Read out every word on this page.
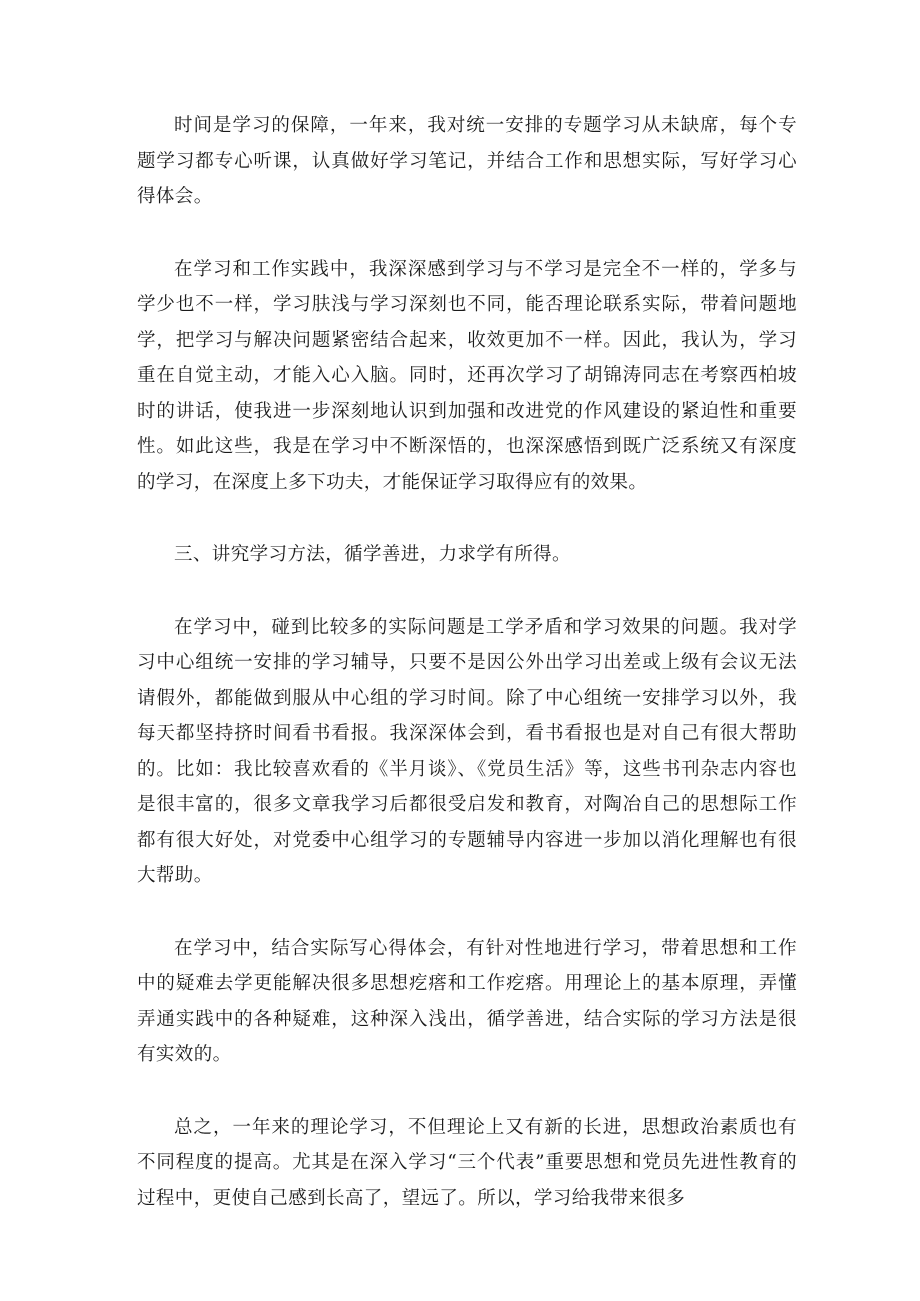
时间是学习的保障，一年来，我对统一安排的专题学习从未缺席，每个专题学习都专心听课，认真做好学习笔记，并结合工作和思想实际，写好学习心得体会。

在学习和工作实践中，我深深感到学习与不学习是完全不一样的，学多与学少也不一样，学习肤浅与学习深刻也不同，能否理论联系实际，带着问题地学，把学习与解决问题紧密结合起来，收效更加不一样。因此，我认为，学习重在自觉主动，才能入心入脑。同时，还再次学习了胡锦涛同志在考察西柏坡时的讲话，使我进一步深刻地认识到加强和改进党的作风建设的紧迫性和重要性。如此这些，我是在学习中不断深悟的，也深深感悟到既广泛系统又有深度的学习，在深度上多下功夫，才能保证学习取得应有的效果。

三、讲究学习方法，循学善进，力求学有所得。

在学习中，碰到比较多的实际问题是工学矛盾和学习效果的问题。我对学习中心组统一安排的学习辅导，只要不是因公外出学习出差或上级有会议无法请假外，都能做到服从中心组的学习时间。除了中心组统一安排学习以外，我每天都坚持挤时间看书看报。我深深体会到，看书看报也是对自己有很大帮助的。比如：我比较喜欢看的《半月谈》、《党员生活》等，这些书刊杂志内容也是很丰富的，很多文章我学习后都很受启发和教育，对陶冶自己的思想际工作都有很大好处，对党委中心组学习的专题辅导内容进一步加以消化理解也有很大帮助。

在学习中，结合实际写心得体会，有针对性地进行学习，带着思想和工作中的疑难去学更能解决很多思想疙瘩和工作疙瘩。用理论上的基本原理，弄懂弄通实践中的各种疑难，这种深入浅出，循学善进，结合实际的学习方法是很有实效的。

总之，一年来的理论学习，不但理论上又有新的长进，思想政治素质也有不同程度的提高。尤其是在深入学习“三个代表”重要思想和党员先进性教育的过程中，更使自己感到长高了，望远了。所以，学习给我带来很多
